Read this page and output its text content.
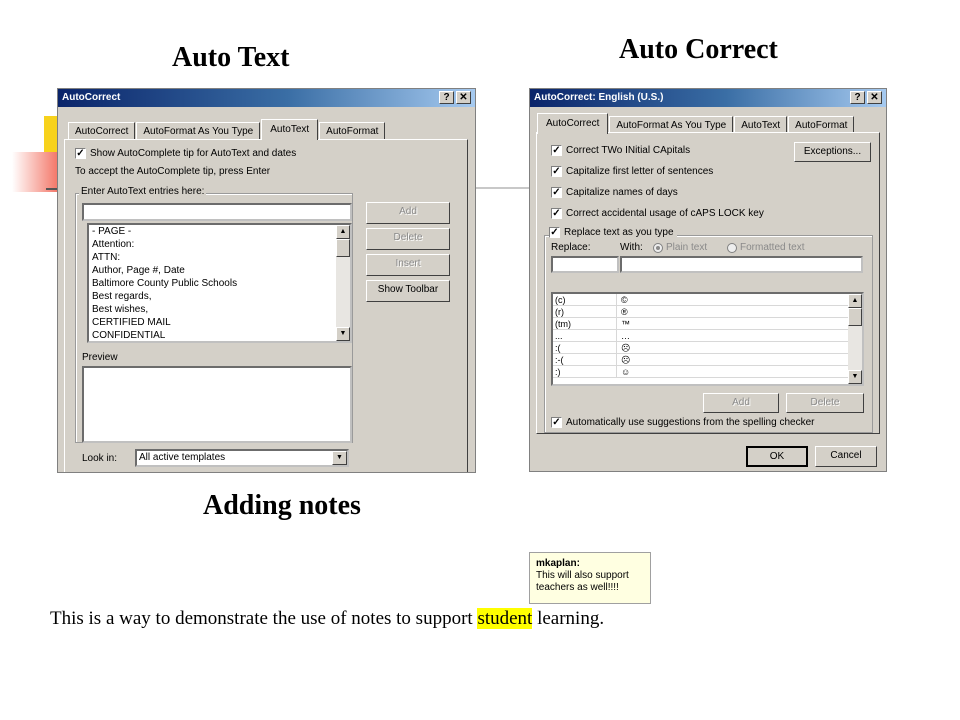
Auto Text	Auto Correct
Adding notes
AutoCorrect	? ✕
AutoCorrect	AutoFormat As You Type	AutoText	AutoFormat
✓ Show AutoComplete tip for AutoText and dates
To accept the AutoComplete tip, press Enter
Enter AutoText entries here:
- PAGE -
Attention:
ATTN:
Author, Page #, Date
Baltimore County Public Schools
Best regards,
Best wishes,
CERTIFIED MAIL
CONFIDENTIAL
▲
▼
Add
Delete
Insert
Show Toolbar
Preview
Look in:	All active templates	▼
AutoCorrect: English (U.S.)	? ✕
AutoCorrect	AutoFormat As You Type	AutoText	AutoFormat
✓ Correct TWo INitial CApitals
✓ Capitalize first letter of sentences
✓ Capitalize names of days
✓ Correct accidental usage of cAPS LOCK key
Exceptions...
✓ Replace text as you type
Replace:	With: Plain text	Formatted text
(c)	©
(r)	®
(tm)	™
...	…
:(	☹
:-(	☹
:)	☺
▲
▼
Add	Delete
✓ Automatically use suggestions from the spelling checker
OK	Cancel
mkaplan:
This will also support teachers as well!!!!
This is a way to demonstrate the use of notes to support student learning.
